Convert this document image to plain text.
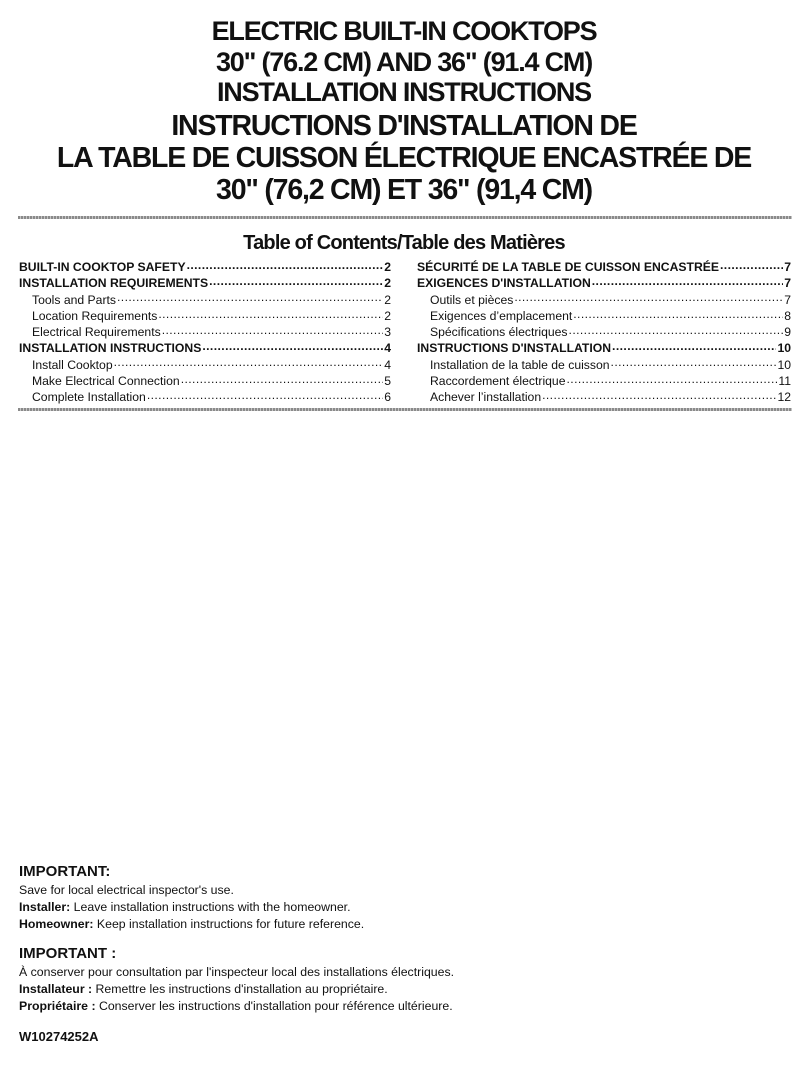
ELECTRIC BUILT-IN COOKTOPS
30" (76.2 CM) AND 36" (91.4 CM)
INSTALLATION INSTRUCTIONS
INSTRUCTIONS D'INSTALLATION DE
LA TABLE DE CUISSON ÉLECTRIQUE ENCASTRÉE DE
30" (76,2 CM) ET 36" (91,4 CM)
Table of Contents/Table des Matières
BUILT-IN COOKTOP SAFETY .....	2
INSTALLATION REQUIREMENTS .....	2
Tools and Parts .....	2
Location Requirements .....	2
Electrical Requirements .....	3
INSTALLATION INSTRUCTIONS .....	4
Install Cooktop .....	4
Make Electrical Connection .....	5
Complete Installation .....	6
SÉCURITÉ DE LA TABLE DE CUISSON ENCASTRÉE .....	7
EXIGENCES D'INSTALLATION .....	7
Outils et pièces .....	7
Exigences d’emplacement .....	8
Spécifications électriques .....	9
INSTRUCTIONS D'INSTALLATION .....	10
Installation de la table de cuisson .....	10
Raccordement électrique .....	11
Achever l’installation .....	12
IMPORTANT:
Save for local electrical inspector's use.
Installer: Leave installation instructions with the homeowner.
Homeowner: Keep installation instructions for future reference.
IMPORTANT :
À conserver pour consultation par l'inspecteur local des installations électriques.
Installateur : Remettre les instructions d'installation au propriétaire.
Propriétaire : Conserver les instructions d'installation pour référence ultérieure.
W10274252A
